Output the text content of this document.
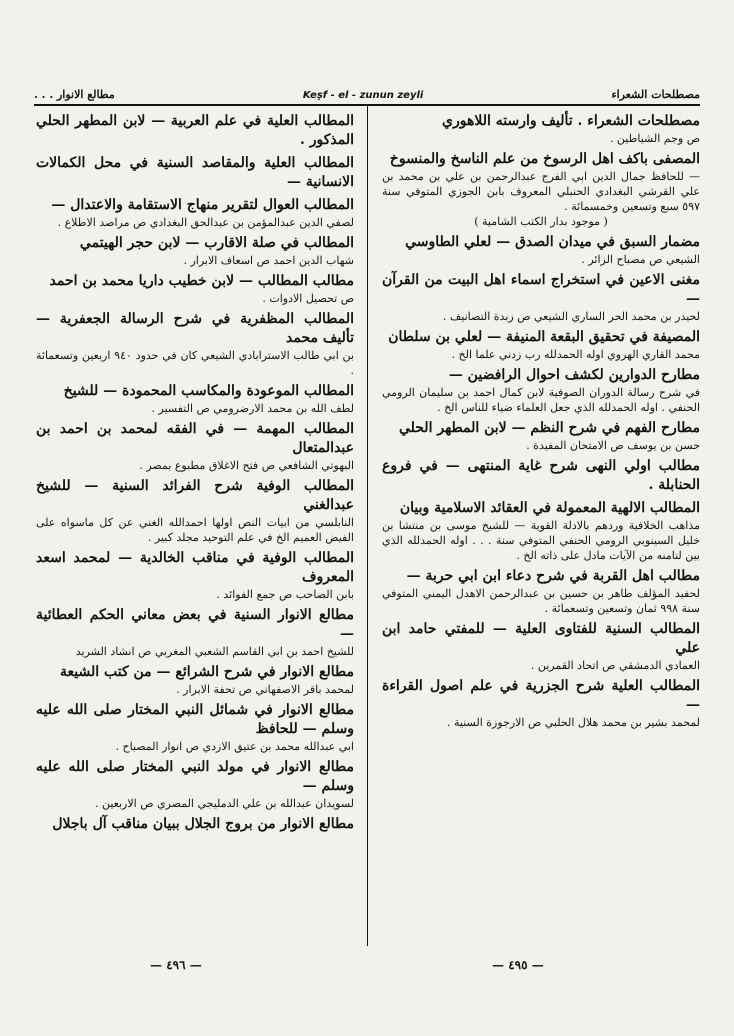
مطالع الانوار . . .	Keşf - el - zunun zeyli	مصطلحات الشعراء
مصطلحات الشعراء . تأليف وارسته اللاهوري
ص وجم الشياطين .
المصفى باكف اهل الرسوخ من علم الناسخ والمنسوخ
— للحافظ جمال الدين ابي الفرج عبدالرحمن بن علي بن محمد بن علي القرشي البغدادي الحنبلي المعروف بابن الجوزي المتوفي سنة ٥٩٧ سبع وتسعين وخمسمائة .
( موجود بدار الكتب الشامية )
مضمار السبق في ميدان الصدق — لعلي الطاوسي
الشيعي ص مصباح الزائر .
مغنى الاعين في استخراج اسماء اهل البيت من القرآن —
لحيدر بن محمد الحر الساري الشيعي ص زبدة التصانيف .
المصيفة في تحقيق البقعة المنيفة — لعلي بن سلطان
محمد القاري الهروي اوله الحمدلله رب زدني علما الخ .
مطارح الدوارين لكشف احوال الرافضين —
في شرح رسالة الدوران الصوفية لابن كمال احمد بن سليمان الرومي الحنفي . اوله الحمدلله الذي جعل العلماء ضياء للناس الخ .
مطارح الفهم في شرح النظم — لابن المطهر الحلي
حسن بن يوسف ص الامتحان المفيدة .
مطالب اولي النهى شرح غاية المنتهى — في فروع الحنابلة .
المطالب الالهية المعمولة في العقائد الاسلامية وبيان
مذاهب الخلافية وردهم بالادلة القوية — للشيخ موسى بن منتشا بن خليل السينوبي الرومي الحنفي المتوفي سنة . . . اوله الحمدلله الذي بين لنامنه من الآيات مادل على ذاته الخ .
مطالب اهل القربة في شرح دعاء ابن ابي حربة —
لحفيد المؤلف طاهر بن حسين بن عبدالرحمن الاهدل اليمني المتوفي سنة ٩٩٨ ثمان وتسعين وتسعمائة .
المطالب السنية للفتاوى العلية — للمفتي حامد ابن علي
العمادي الدمشقي ص اتحاد القمرين .
المطالب العلية شرح الجزرية في علم اصول القراءة —
لمحمد بشير بن محمد هلال الحلبي ص الارجوزة السنية .
المطالب العلية في علم العربية — لابن المطهر الحلي المذكور .
المطالب العلية والمقاصد السنية في محل الكمالات الانسانية —
المطالب العوال لتقرير منهاج الاستقامة والاعتدال —
لصفي الدين عبدالمؤمن بن عبدالحق البغدادي ص مراصد الاطلاع .
المطالب في صلة الاقارب — لابن حجر الهيتمي
شهاب الدين احمد ص اسعاف الابرار .
مطالب المطالب — لابن خطيب داريا محمد بن احمد
ص تحصيل الادوات .
المطالب المظفرية في شرح الرسالة الجعفرية — تأليف محمد
بن ابي طالب الاسترابادي الشيعي كان في حدود ٩٤٠ اربعين وتسعمائة .
المطالب الموعودة والمكاسب المحمودة — للشيخ
لطف الله بن محمد الارضرومي ص التفسير .
المطالب المهمة — في الفقه لمحمد بن احمد بن عبدالمتعال
البهوتي الشافعي ص فتح الاغلاق مطبوع بمصر .
المطالب الوفية شرح الفرائد السنية — للشيخ عبدالغني
النابلسي من ابيات النص اولها احمدالله الغني عن كل ماسواه على الفيض العميم الخ في علم التوحيد مجلد كبير .
المطالب الوفية في مناقب الخالدية — لمحمد اسعد المعروف
بابن الصاحب ص جمع الفوائد .
مطالع الانوار السنية في بعض معاني الحكم العطائية —
للشيخ احمد بن ابي القاسم الشعبي المغربي ص انشاد الشريد
مطالع الانوار في شرح الشرائع — من كتب الشيعة
لمحمد باقر الاصفهاني ص تحفة الابرار .
مطالع الانوار في شمائل النبي المختار صلى الله عليه وسلم — للحافظ
ابي عبدالله محمد بن عتيق الازدي ص انوار المصباح .
مطالع الانوار في مولد النبي المختار صلى الله عليه وسلم —
لسويدان عبدالله بن علي الدمليجي المصري ص الاربعين .
مطالع الانوار من بروج الجلال ببيان مناقب آل باجلال
— ٤٩٦ —	— ٤٩٥ —
